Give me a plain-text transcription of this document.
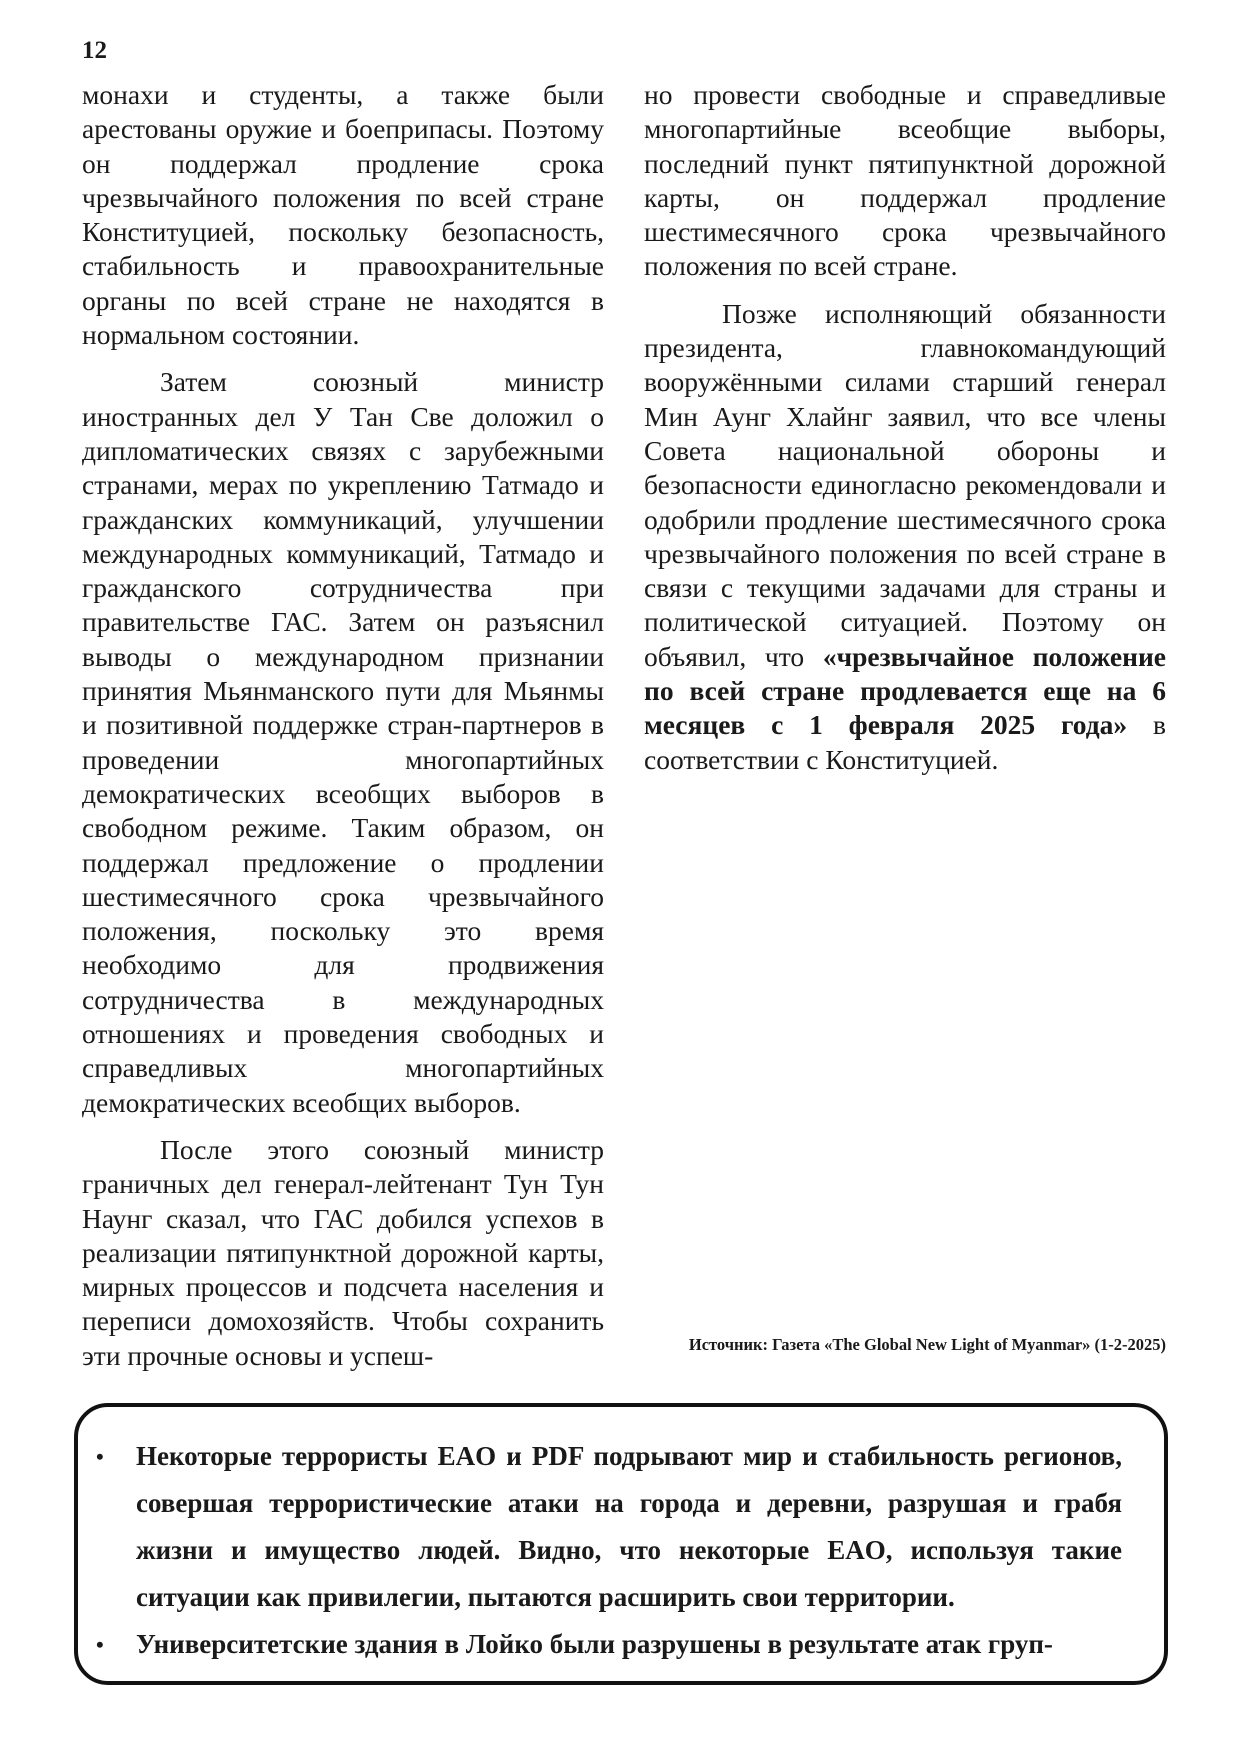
12

монахи и студенты, а также были арестованы оружие и боеприпасы. Поэтому он поддержал продление срока чрезвычайного положения по всей стране Конституцией, поскольку безопасность, стабильность и правоохранительные органы по всей стране не находятся в нормальном состоянии.

Затем союзный министр иностранных дел У Тан Све доложил о дипломатических связях с зарубежными странами, мерах по укреплению Татмадо и гражданских коммуникаций, улучшении международных коммуникаций, Татмадо и гражданского сотрудничества при правительстве ГАС. Затем он разъяснил выводы о международном признании принятия Мьянманского пути для Мьянмы и позитивной поддержке стран-партнеров в проведении многопартийных демократических всеобщих выборов в свободном режиме. Таким образом, он поддержал предложение о продлении шестимесячного срока чрезвычайного положения, поскольку это время необходимо для продвижения сотрудничества в международных отношениях и проведения свободных и справедливых многопартийных демократических всеобщих выборов.

После этого союзный министр граничных дел генерал-лейтенант Тун Тун Наунг сказал, что ГАС добился успехов в реализации пятипунктной дорожной карты, мирных процессов и подсчета населения и переписи домохозяйств. Чтобы сохранить эти прочные основы и успеш-

но провести свободные и справедливые многопартийные всеобщие выборы, последний пункт пятипунктной дорожной карты, он поддержал продление шестимесячного срока чрезвычайного положения по всей стране.

Позже исполняющий обязанности президента, главнокомандующий вооружёнными силами старший генерал Мин Аунг Хлайнг заявил, что все члены Совета национальной обороны и безопасности единогласно рекомендовали и одобрили продление шестимесячного срока чрезвычайного положения по всей стране в связи с текущими задачами для страны и политической ситуацией. Поэтому он объявил, что «чрезвычайное положение по всей стране продлевается еще на 6 месяцев с 1 февраля 2025 года» в соответствии с Конституцией.

Источник: Газета «The Global New Light of Myanmar» (1-2-2025)
• Некоторые террористы EAO и PDF подрывают мир и стабильность регионов, совершая террористические атаки на города и деревни, разрушая и грабя жизни и имущество людей. Видно, что некоторые EAO, используя такие ситуации как привилегии, пытаются расширить свои территории.
• Университетские здания в Лойко были разрушены в результате атак груп-
